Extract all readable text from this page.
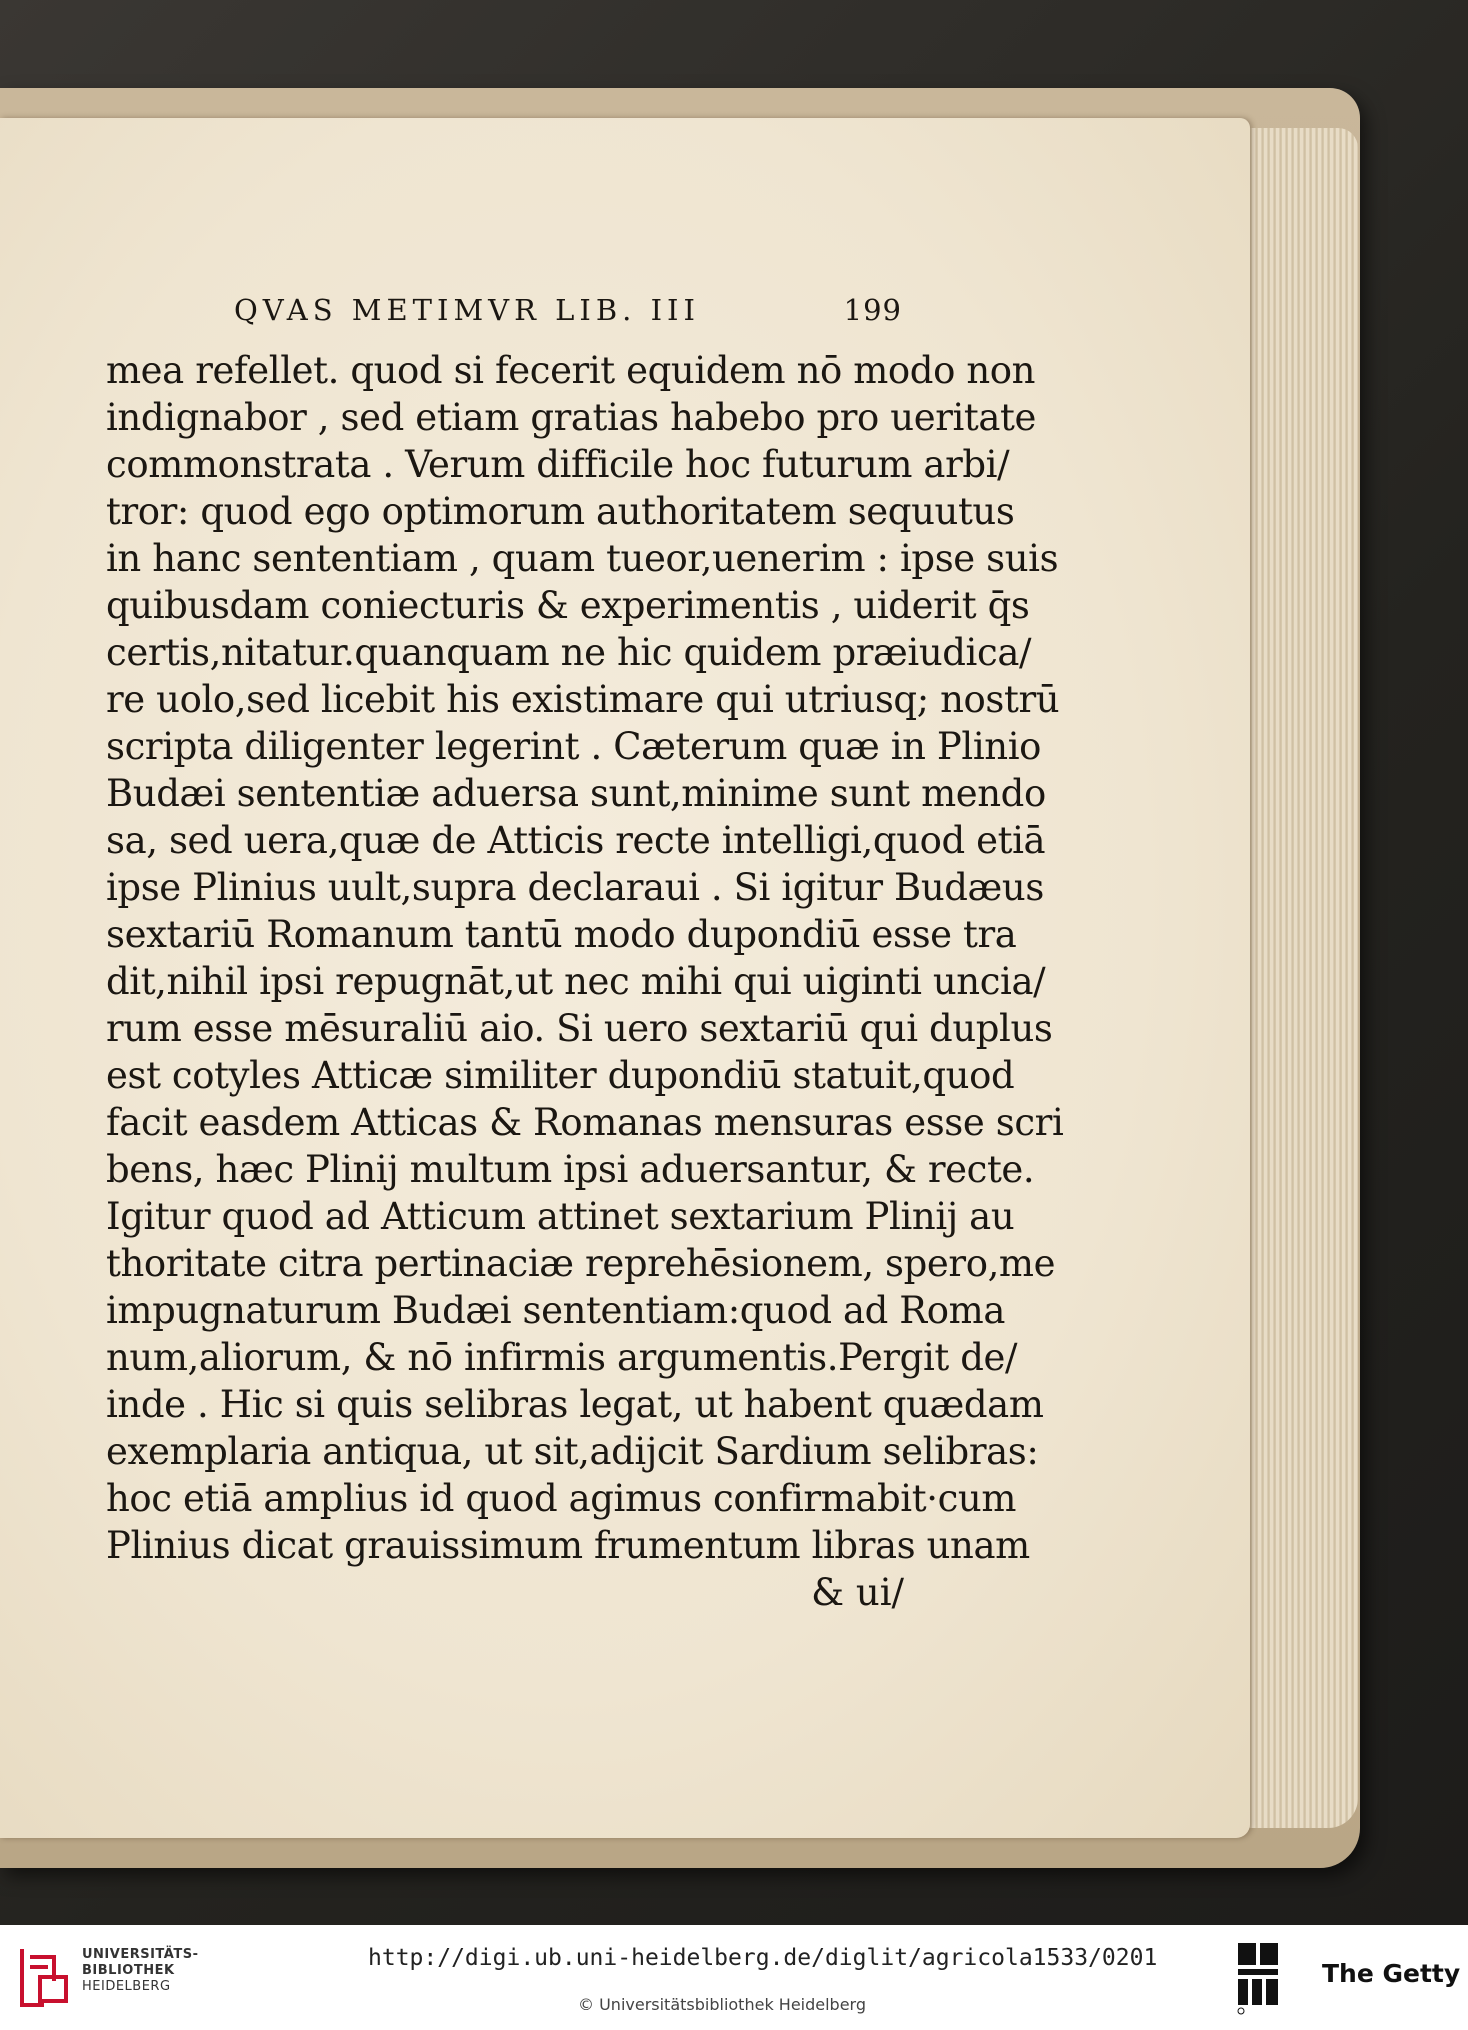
QVAS METIMVR LIB. III	199
mea refellet. quod si fecerit equidem nō modo non
indignabor , sed etiam gratias habebo pro ueritate
commonstrata . Verum difficile hoc futurum arbi/
tror: quod ego optimorum authoritatem sequutus
in hanc sententiam , quam tueor,uenerim : ipse suis
quibusdam coniecturis & experimentis , uiderit q̄s
certis,nitatur.quanquam ne hic quidem præiudica/
re uolo,sed licebit his existimare qui utriusq; nostrū
scripta diligenter legerint . Cæterum quæ in Plinio
Budæi sententiæ aduersa sunt,minime sunt mendo
sa, sed uera,quæ de Atticis recte intelligi,quod etiā
ipse Plinius uult,supra declaraui . Si igitur Budæus
sextariū Romanum tantū modo dupondiū esse tra
dit,nihil ipsi repugnāt,ut nec mihi qui uiginti uncia/
rum esse mēsuraliū aio. Si uero sextariū qui duplus
est cotyles Atticæ similiter dupondiū statuit,quod
facit easdem Atticas & Romanas mensuras esse scri
bens, hæc Plinij multum ipsi aduersantur, & recte.
Igitur quod ad Atticum attinet sextarium Plinij au
thoritate citra pertinaciæ reprehēsionem, spero,me
impugnaturum Budæi sententiam:quod ad Roma
num,aliorum, & nō infirmis argumentis.Pergit de/
inde . Hic si quis selibras legat, ut habent quædam
exemplaria antiqua, ut sit,adijcit Sardium selibras:
hoc etiā amplius id quod agimus confirmabit·cum
Plinius dicat grauissimum frumentum libras unam
& ui/
UNIVERSITÄTS-
BIBLIOTHEK
HEIDELBERG
http://digi.ub.uni-heidelberg.de/diglit/agricola1533/0201
© Universitätsbibliothek Heidelberg
The Getty
